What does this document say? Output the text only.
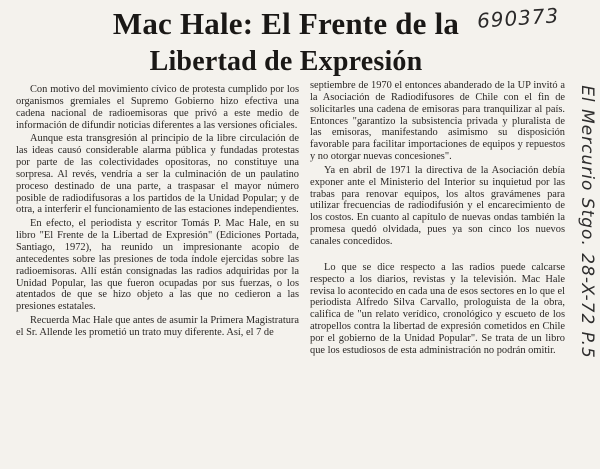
Mac Hale: El Frente de la
Libertad de Expresión
690373
El Mercurio Stgo. 28-X-72 P.5

Con motivo del movimiento cívico de protesta cumplido por los organismos gremiales el Supremo Gobierno hizo efectiva una cadena nacional de radioemisoras que privó a este medio de información de difundir noticias diferentes a las versiones oficiales.

Aunque esta transgresión al principio de la libre circulación de las ideas causó considerable alarma pública y fundadas protestas por parte de las colectividades opositoras, no constituye una sorpresa. Al revés, vendría a ser la culminación de un paulatino proceso destinado de una parte, a traspasar el mayor número posible de radiodifusoras a los partidos de la Unidad Popular; y de otra, a interferir el funcionamiento de las estaciones independientes.

En efecto, el periodista y escritor Tomás P. Mac Hale, en su libro "El Frente de la Libertad de Expresión" (Ediciones Portada, Santiago, 1972), ha reunido un impresionante acopio de antecedentes sobre las presiones de toda índole ejercidas sobre las radioemisoras. Allí están consignadas las radios adquiridas por la Unidad Popular, las que fueron ocupadas por sus fuerzas, o los atentados de que se hizo objeto a las que no cedieron a las presiones estatales.

Recuerda Mac Hale que antes de asumir la Primera Magistratura el Sr. Allende les prometió un trato muy diferente. Así, el 7 de

septiembre de 1970 el entonces abanderado de la UP invitó a la Asociación de Radiodifusores de Chile con el fin de solicitarles una cadena de emisoras para tranquilizar al país. Entonces "garantizo la subsistencia privada y pluralista de las emisoras, manifestando asimismo su disposición favorable para facilitar importaciones de equipos y repuestos y no otorgar nuevas concesiones".

Ya en abril de 1971 la directiva de la Asociación debía exponer ante el Ministerio del Interior su inquietud por las trabas para renovar equipos, los altos gravámenes para utilizar frecuencias de radiodifusión y el encarecimiento de los costos. En cuanto al capítulo de nuevas ondas también la promesa quedó olvidada, pues ya son cinco los nuevos canales concedidos.

Lo que se dice respecto a las radios puede calcarse respecto a los diarios, revistas y la televisión. Mac Hale revisa lo acontecido en cada una de esos sectores en lo que el periodista Alfredo Silva Carvallo, prologuista de la obra, califica de "un relato verídico, cronológico y escueto de los atropellos contra la libertad de expresión cometidos en Chile por el gobierno de la Unidad Popular". Se trata de un libro que los estudiosos de esta administración no podrán omitir.
